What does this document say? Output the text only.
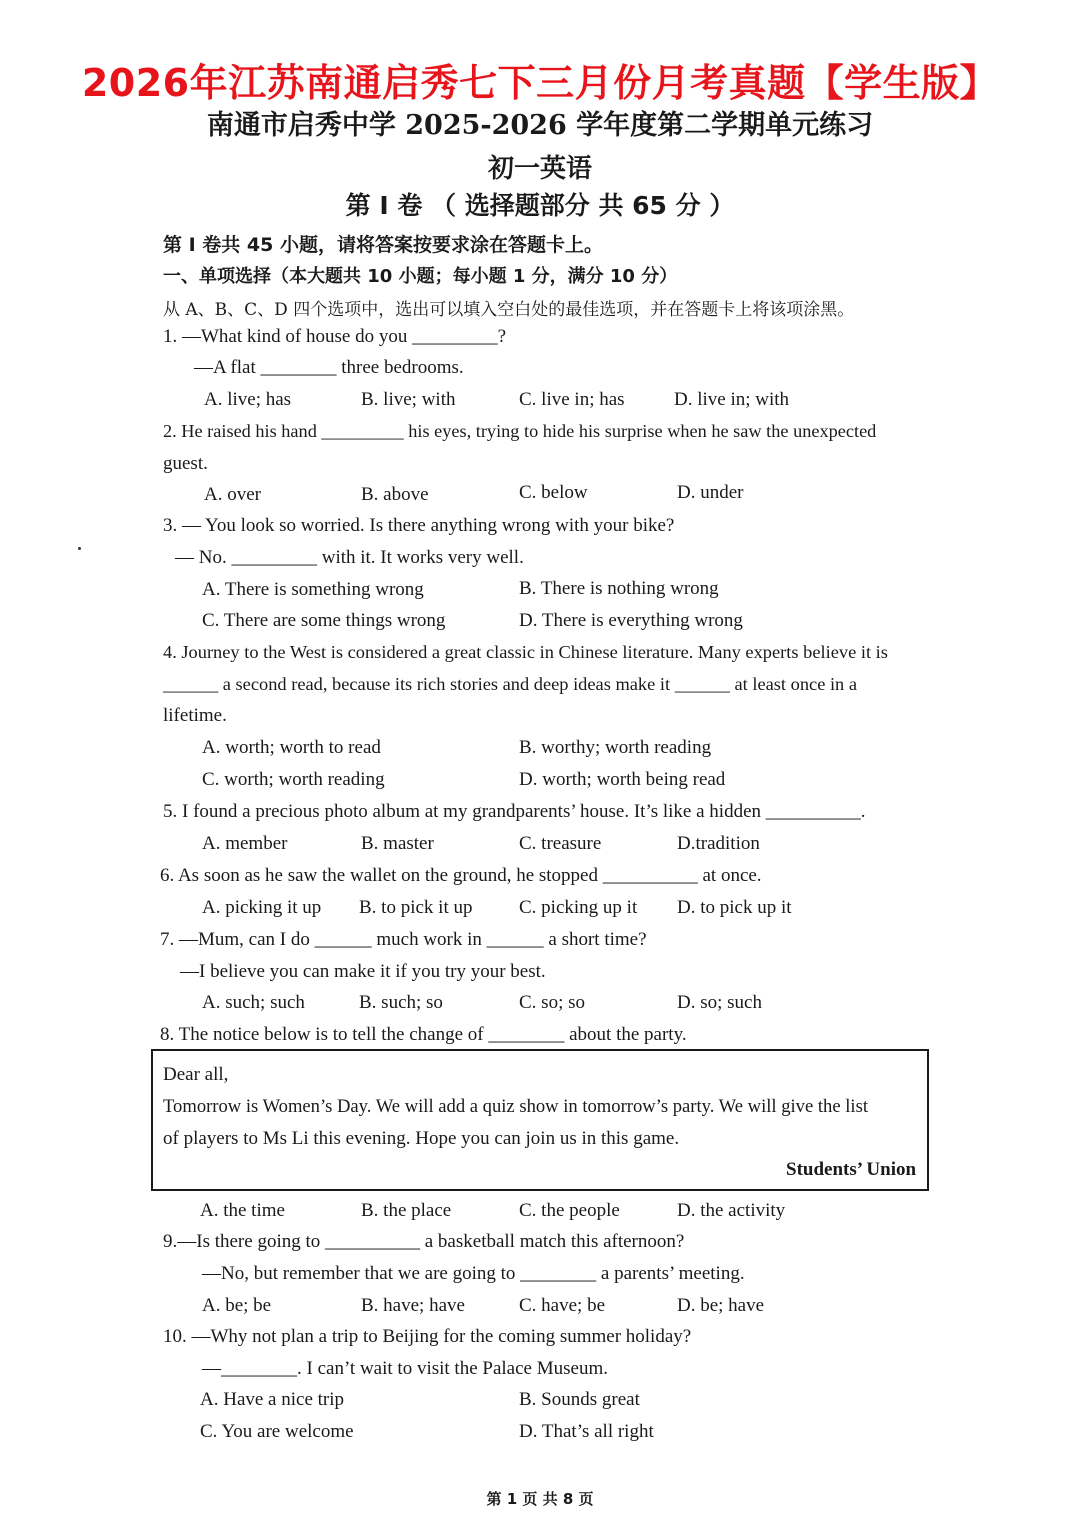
2026年江苏南通启秀七下三月份月考真题【学生版】
南通市启秀中学 2025-2026 学年度第二学期单元练习
初一英语
第 I 卷 （ 选择题部分 共 65 分 ）
第 I 卷共 45 小题，请将答案按要求涂在答题卡上。
一、单项选择（本大题共 10 小题；每小题 1 分，满分 10 分）
从 A、B、C、D 四个选项中，选出可以填入空白处的最佳选项，并在答题卡上将该项涂黑。
1. —What kind of house do you _________?
—A flat ________ three bedrooms.
A. live; has	B. live; with	C. live in; has	D. live in; with
2. He raised his hand _________ his eyes, trying to hide his surprise when he saw the unexpected
guest.
A. over	B. above	C. below	D. under
3. — You look so worried. Is there anything wrong with your bike?
— No. _________ with it. It works very well.
A. There is something wrong	B. There is nothing wrong
C. There are some things wrong	D. There is everything wrong
4. Journey to the West is considered a great classic in Chinese literature. Many experts believe it is
______ a second read, because its rich stories and deep ideas make it ______ at least once in a
lifetime.
A. worth; worth to read	B. worthy; worth reading
C. worth; worth reading	D. worth; worth being read
5. I found a precious photo album at my grandparents’ house. It’s like a hidden __________.
A. member	B. master	C. treasure	D.tradition
6. As soon as he saw the wallet on the ground, he stopped __________ at once.
A. picking it up B. to pick it up C. picking up it D. to pick up it
7. —Mum, can I do ______ much work in ______ a short time?
—I believe you can make it if you try your best.
A. such; such	B. such; so	C. so; so	D. so; such
8. The notice below is to tell the change of ________ about the party.
Dear all,
Tomorrow is Women’s Day. We will add a quiz show in tomorrow’s party. We will give the list
of players to Ms Li this evening. Hope you can join us in this game.
Students’ Union
A. the time	B. the place	C. the people	D. the activity
9.—Is there going to __________ a basketball match this afternoon?
—No, but remember that we are going to ________ a parents’ meeting.
A. be; be	B. have; have	C. have; be	D. be; have
10. —Why not plan a trip to Beijing for the coming summer holiday?
—________. I can’t wait to visit the Palace Museum.
A. Have a nice trip	B. Sounds great
C. You are welcome	D. That’s all right
第 1 页 共 8 页
